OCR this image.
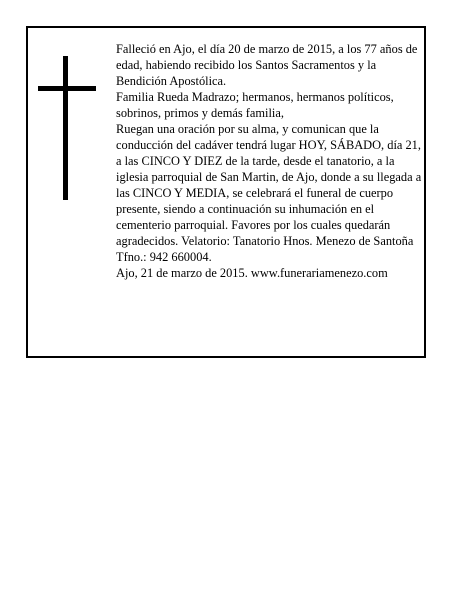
Falleció en Ajo, el día 20 de marzo de 2015, a los 77 años de edad, habiendo recibido los Santos Sacramentos y la Bendición Apostólica.

Familia Rueda Madrazo; hermanos, hermanos políticos, sobrinos, primos y demás familia,

Ruegan una oración por su alma, y comunican que la conducción del cadáver tendrá lugar HOY, SÁBADO, día 21, a las CINCO Y DIEZ de la tarde, desde el tanatorio, a la iglesia parroquial de San Martin, de Ajo, donde a su llegada a las CINCO Y MEDIA, se celebrará el funeral de cuerpo presente, siendo a continuación su inhumación en el cementerio parroquial. Favores por los cuales quedarán agradecidos. Velatorio: Tanatorio Hnos. Menezo de Santoña Tfno.: 942 660004.

Ajo, 21 de marzo de 2015. www.funerariamenezo.com
